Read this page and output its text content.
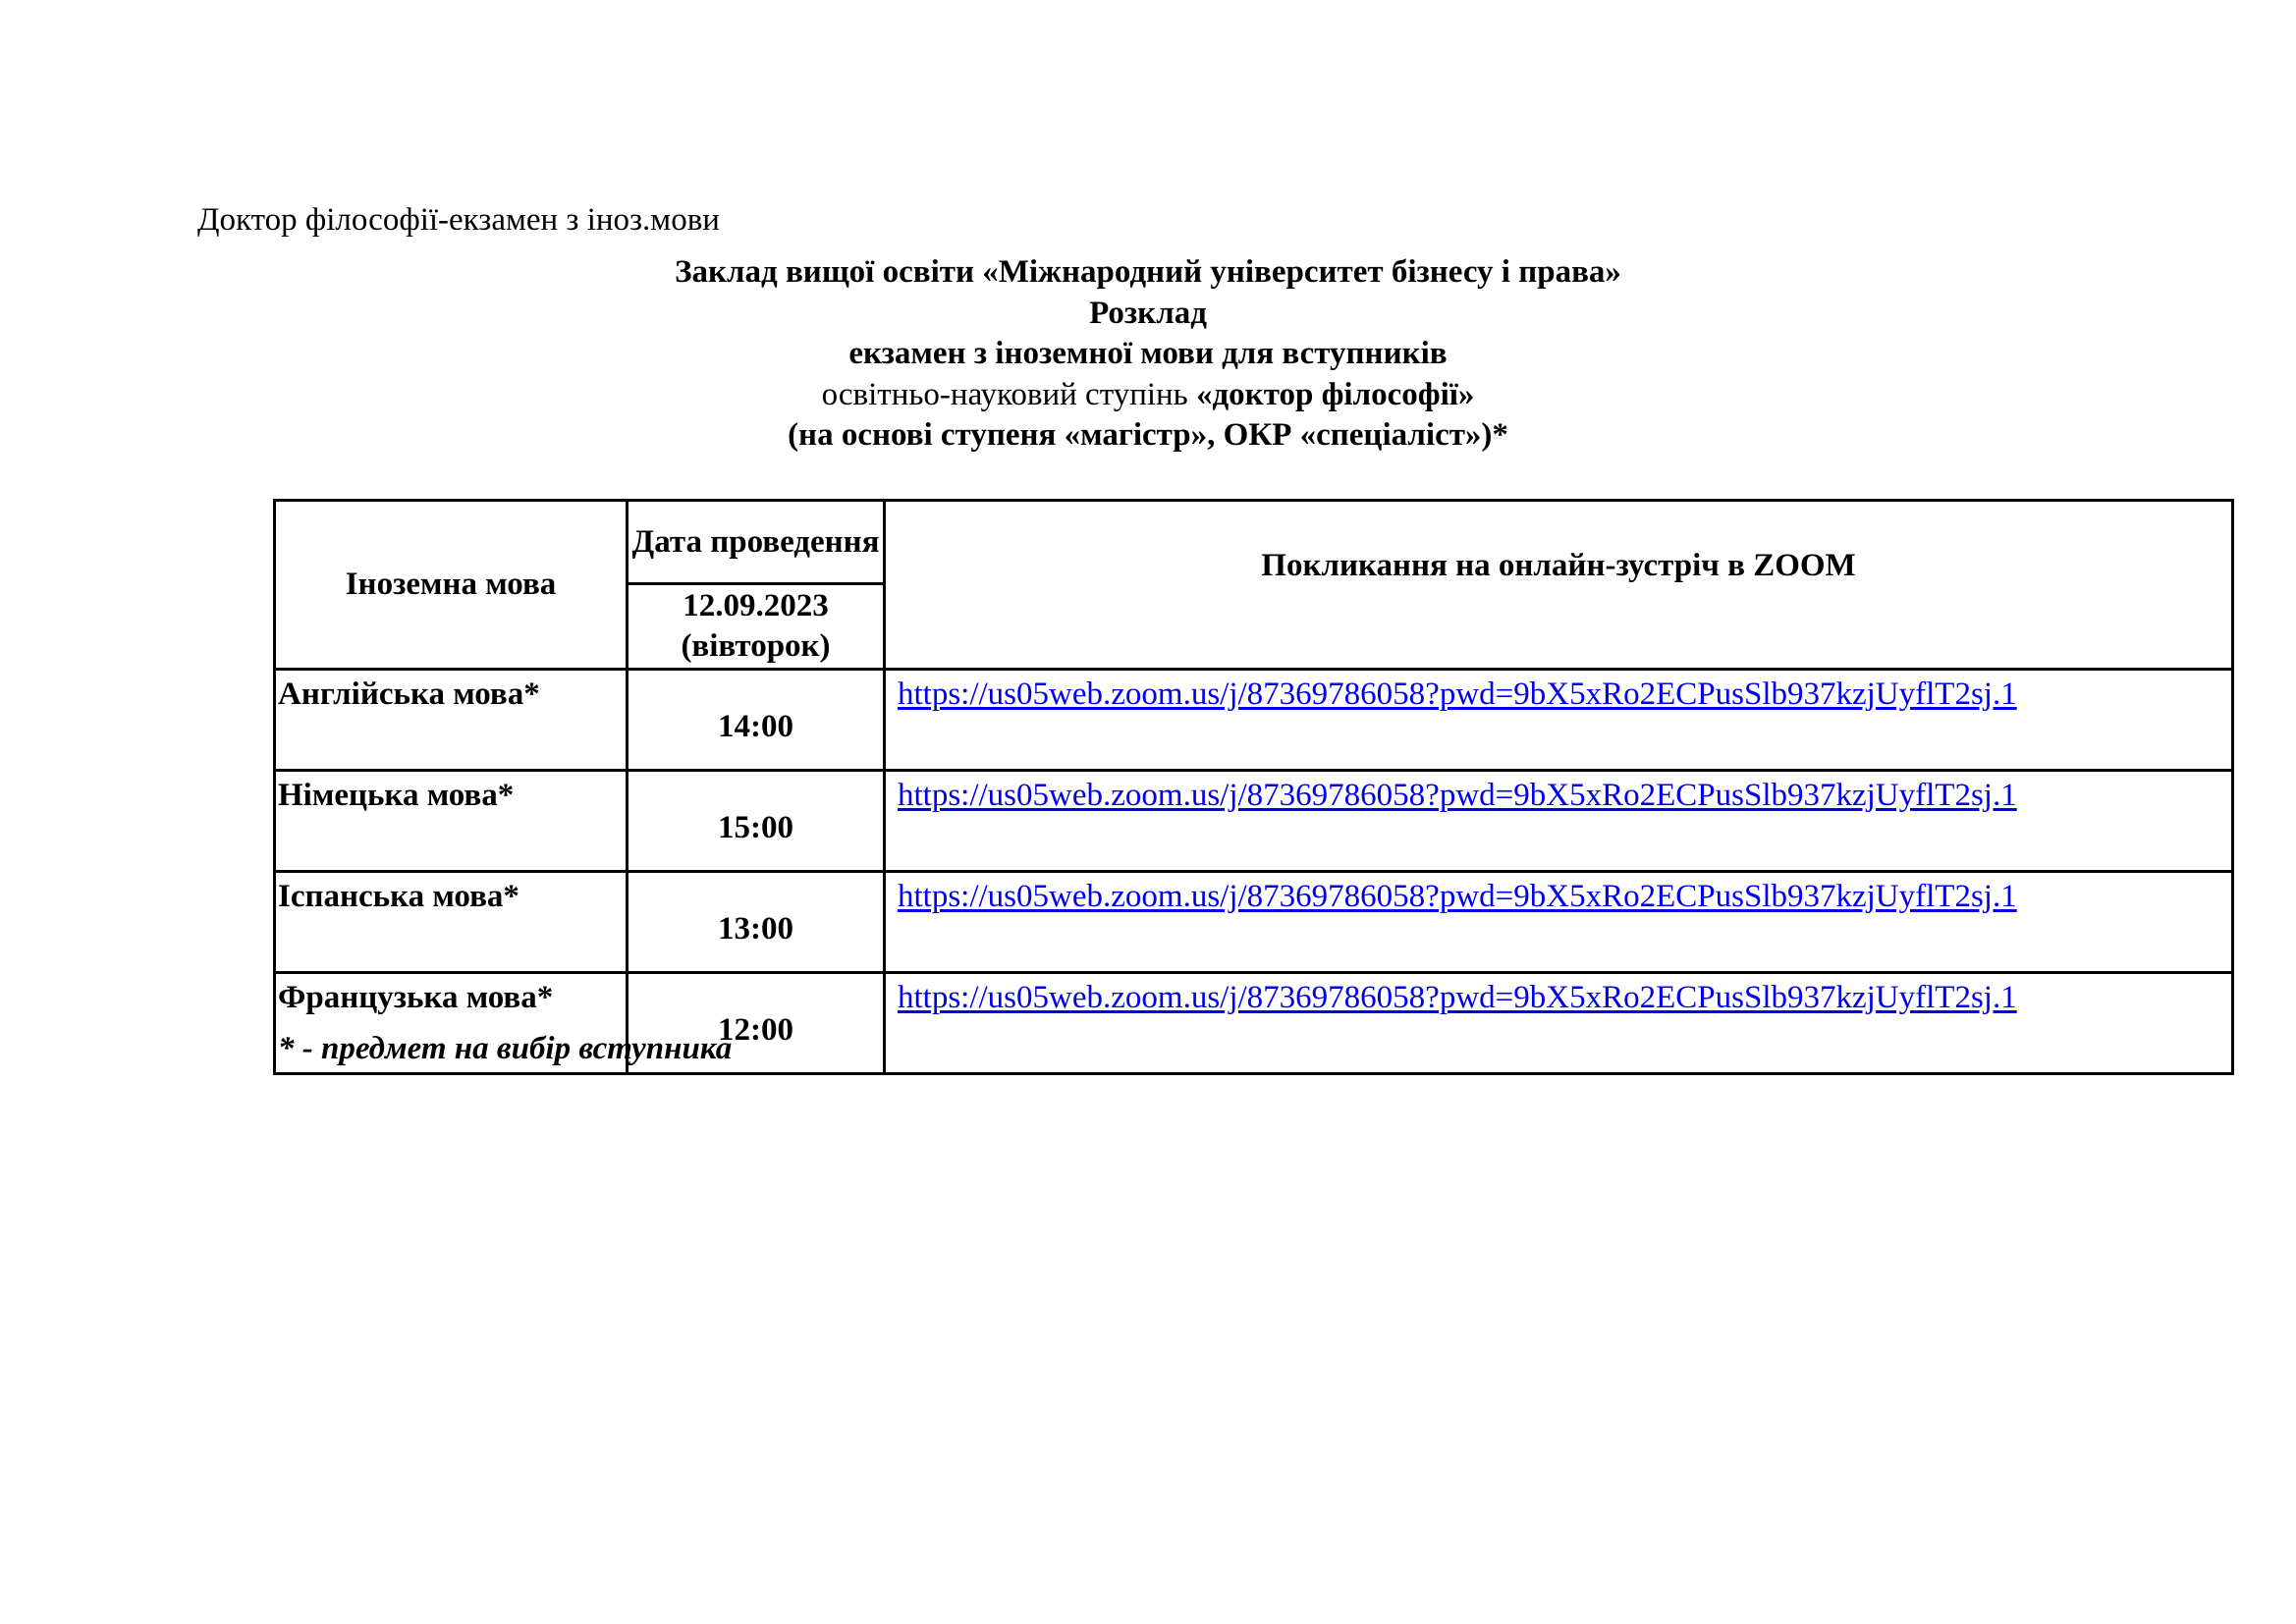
Доктор філософії-екзамен з іноз.мови
Заклад вищої освіти «Міжнародний університет бізнесу і права»
Розклад
екзамен з іноземної мови для вступників
освітньо-науковий ступінь «доктор філософії»
(на основі ступеня «магістр», ОКР «спеціаліст»)*
Іноземна мова	Дата проведення	Покликання на онлайн-зустріч в ZOOM

	12.09.2023
(вівторок)	

Англійська мова*	14:00	https://us05web.zoom.us/j/87369786058?pwd=9bX5xRo2ECPusSlb937kzjUyflT2sj.1
Німецька мова*	15:00	https://us05web.zoom.us/j/87369786058?pwd=9bX5xRo2ECPusSlb937kzjUyflT2sj.1
Іспанська мова*	13:00	https://us05web.zoom.us/j/87369786058?pwd=9bX5xRo2ECPusSlb937kzjUyflT2sj.1
Французька мова*	12:00	https://us05web.zoom.us/j/87369786058?pwd=9bX5xRo2ECPusSlb937kzjUyflT2sj.1
* - предмет на вибір вступника
